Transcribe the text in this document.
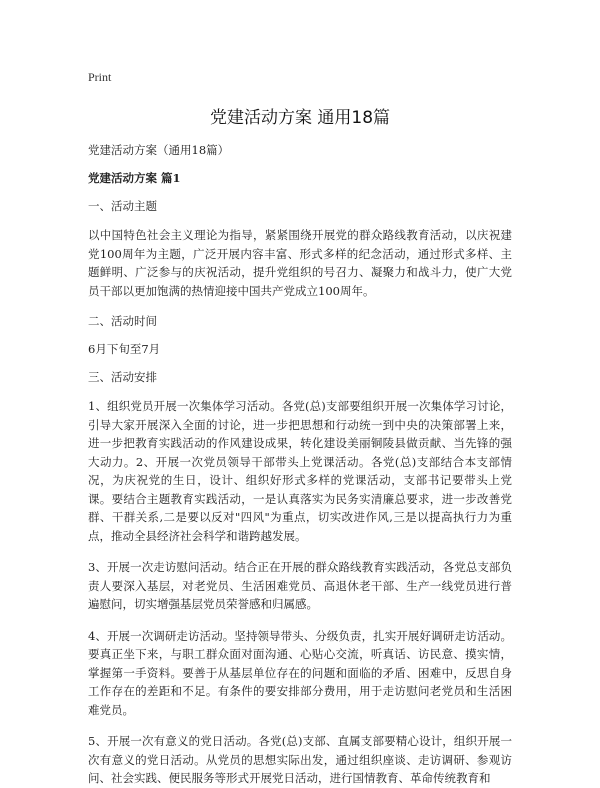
Print
党建活动方案 通用18篇
党建活动方案（通用18篇）
党建活动方案 篇1
一、活动主题

以中国特色社会主义理论为指导，紧紧围绕开展党的群众路线教育活动，以庆祝建党100周年为主题，广泛开展内容丰富、形式多样的纪念活动，通过形式多样、主题鲜明、广泛参与的庆祝活动，提升党组织的号召力、凝聚力和战斗力，使广大党员干部以更加饱满的热情迎接中国共产党成立100周年。

二、活动时间
6月下旬至7月
三、活动安排

1、组织党员开展一次集体学习活动。各党(总)支部要组织开展一次集体学习讨论，引导大家开展深入全面的讨论，进一步把思想和行动统一到中央的决策部署上来，进一步把教育实践活动的作风建设成果，转化建设美丽铜陵县做贡献、当先锋的强大动力。2、开展一次党员领导干部带头上党课活动。各党(总)支部结合本支部情况，为庆祝党的生日，设计、组织好形式多样的党课活动，支部书记要带头上党课。要结合主题教育实践活动，一是认真落实为民务实清廉总要求，进一步改善党群、干群关系,二是要以反对"四风"为重点，切实改进作风,三是以提高执行力为重点，推动全县经济社会科学和谐跨越发展。

3、开展一次走访慰问活动。结合正在开展的群众路线教育实践活动，各党总支部负责人要深入基层，对老党员、生活困难党员、高退休老干部、生产一线党员进行普遍慰问，切实增强基层党员荣誉感和归属感。

4、开展一次调研走访活动。坚持领导带头、分级负责，扎实开展好调研走访活动。要真正坐下来，与职工群众面对面沟通、心贴心交流，听真话、访民意、摸实情，掌握第一手资料。要善于从基层单位存在的问题和面临的矛盾、困难中，反思自身工作存在的差距和不足。有条件的要安排部分费用，用于走访慰问老党员和生活困难党员。

5、开展一次有意义的党日活动。各党(总)支部、直属支部要精心设计，组织开展一次有意义的党日活动。从党员的思想实际出发，通过组织座谈、走访调研、参观访问、社会实践、便民服务等形式开展党日活动，进行国情教育、革命传统教育和
